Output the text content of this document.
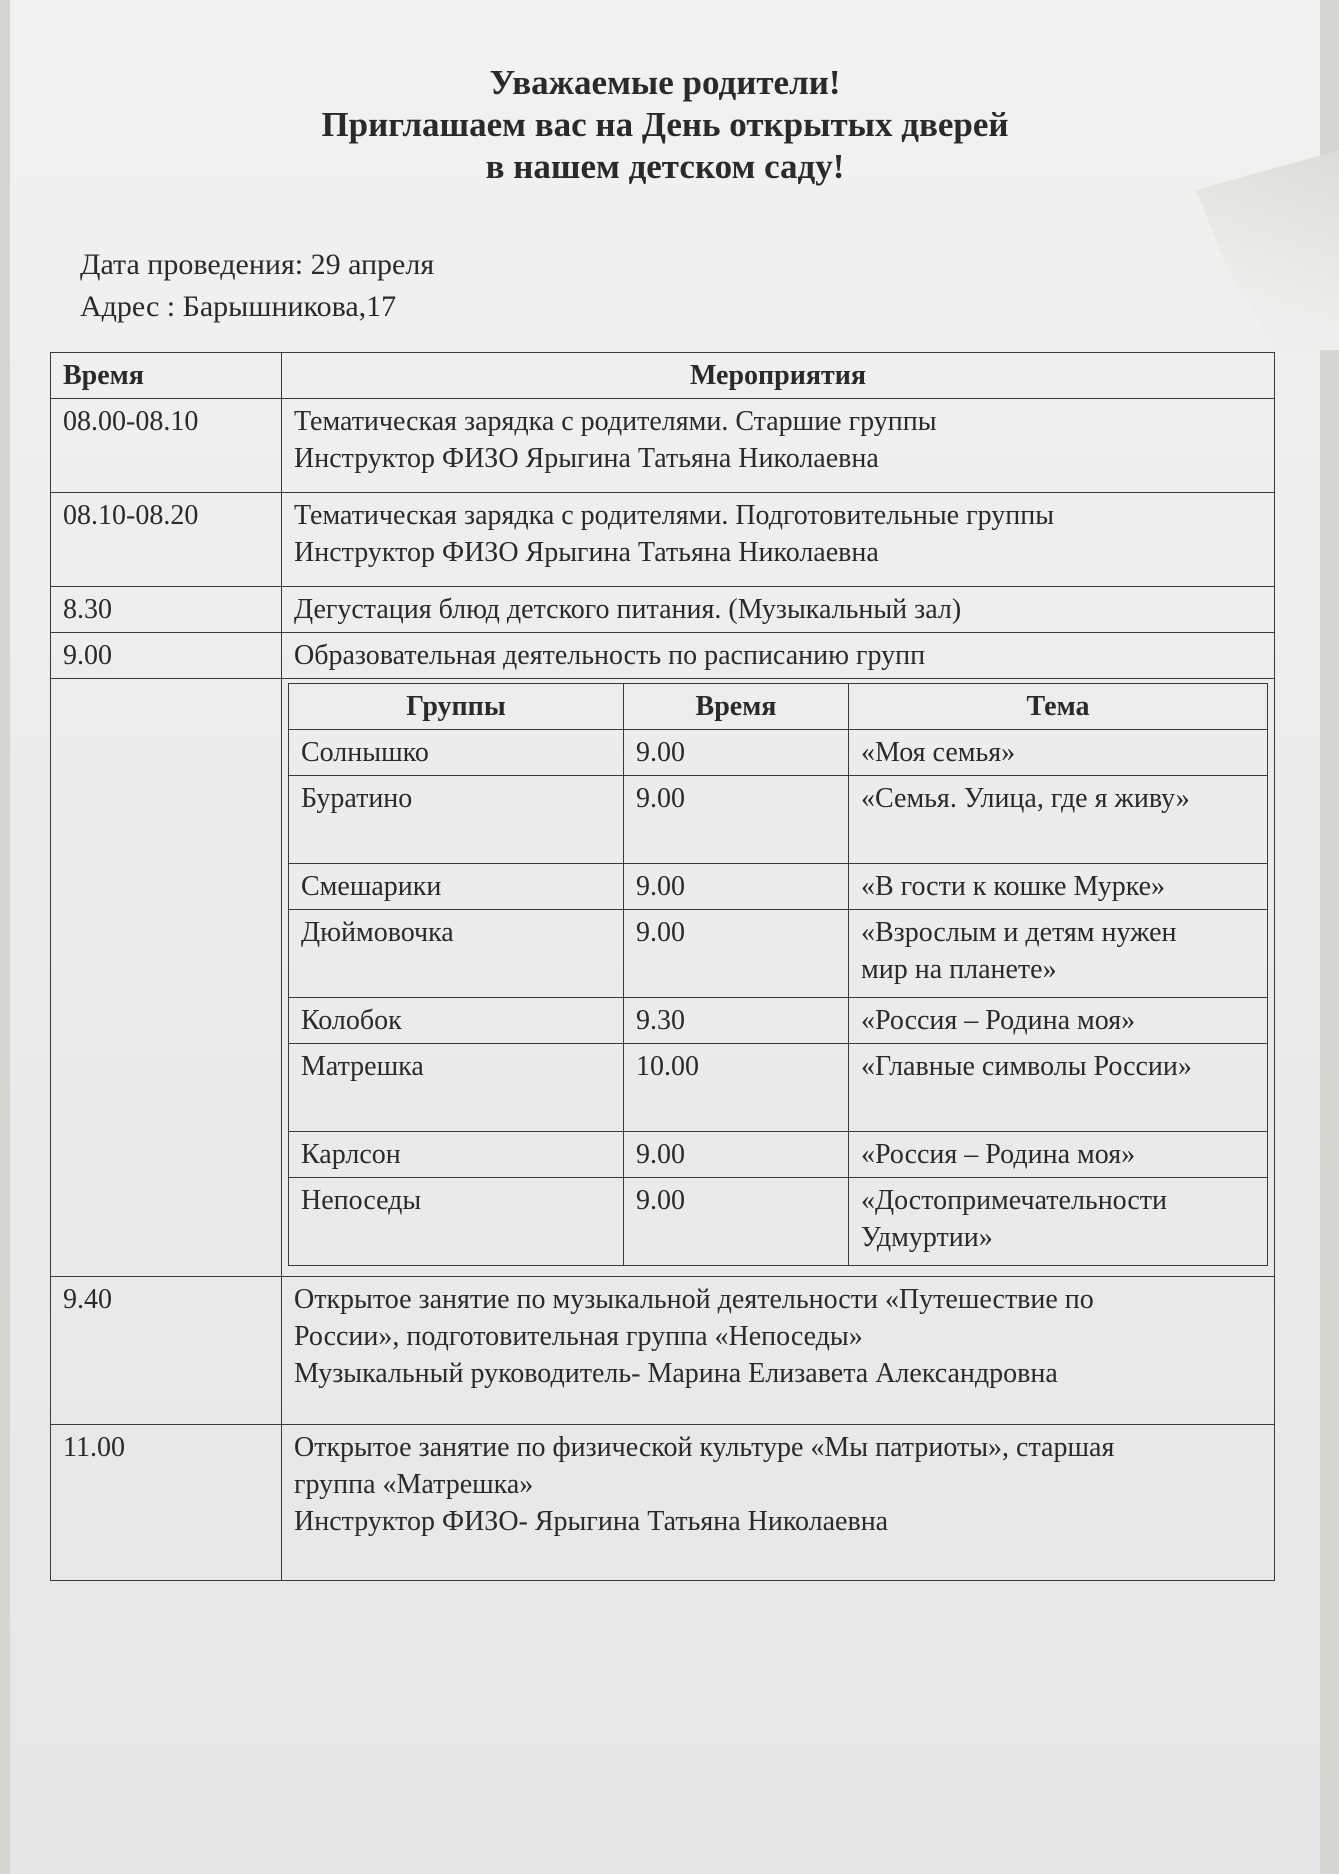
Уважаемые родители!
Приглашаем вас на День открытых дверей
в нашем детском саду!
Дата проведения: 29 апреля
Адрес : Барышникова,17
Время	Мероприятия
08.00-08.10	Тематическая зарядка с родителями. Старшие группы
Инструктор ФИЗО Ярыгина Татьяна Николаевна

08.10-08.20	Тематическая зарядка с родителями. Подготовительные группы
Инструктор ФИЗО Ярыгина Татьяна Николаевна

8.30	Дегустация блюд детского питания. (Музыкальный зал)

9.00	Образовательная деятельность по расписанию групп

Группы	Время	Тема
Солнышко	9.00	«Моя семья»

Буратино	9.00	«Семья. Улица, где я живу»

Смешарики	9.00	«В гости к кошке Мурке»

Дюймовочка	9.00	«Взрослым и детям нужен
мир на планете»

Колобок	9.30	«Россия – Родина моя»

Матрешка	10.00	«Главные символы России»

Карлсон	9.00	«Россия – Родина моя»

Непоседы	9.00	«Достопримечательности
Удмуртии»

9.40	Открытое занятие по музыкальной деятельности «Путешествие по
России», подготовительная группа «Непоседы»
Музыкальный руководитель- Марина Елизавета Александровна

11.00	Открытое занятие по физической культуре «Мы патриоты», старшая
группа «Матрешка»
Инструктор ФИЗО- Ярыгина Татьяна Николаевна
